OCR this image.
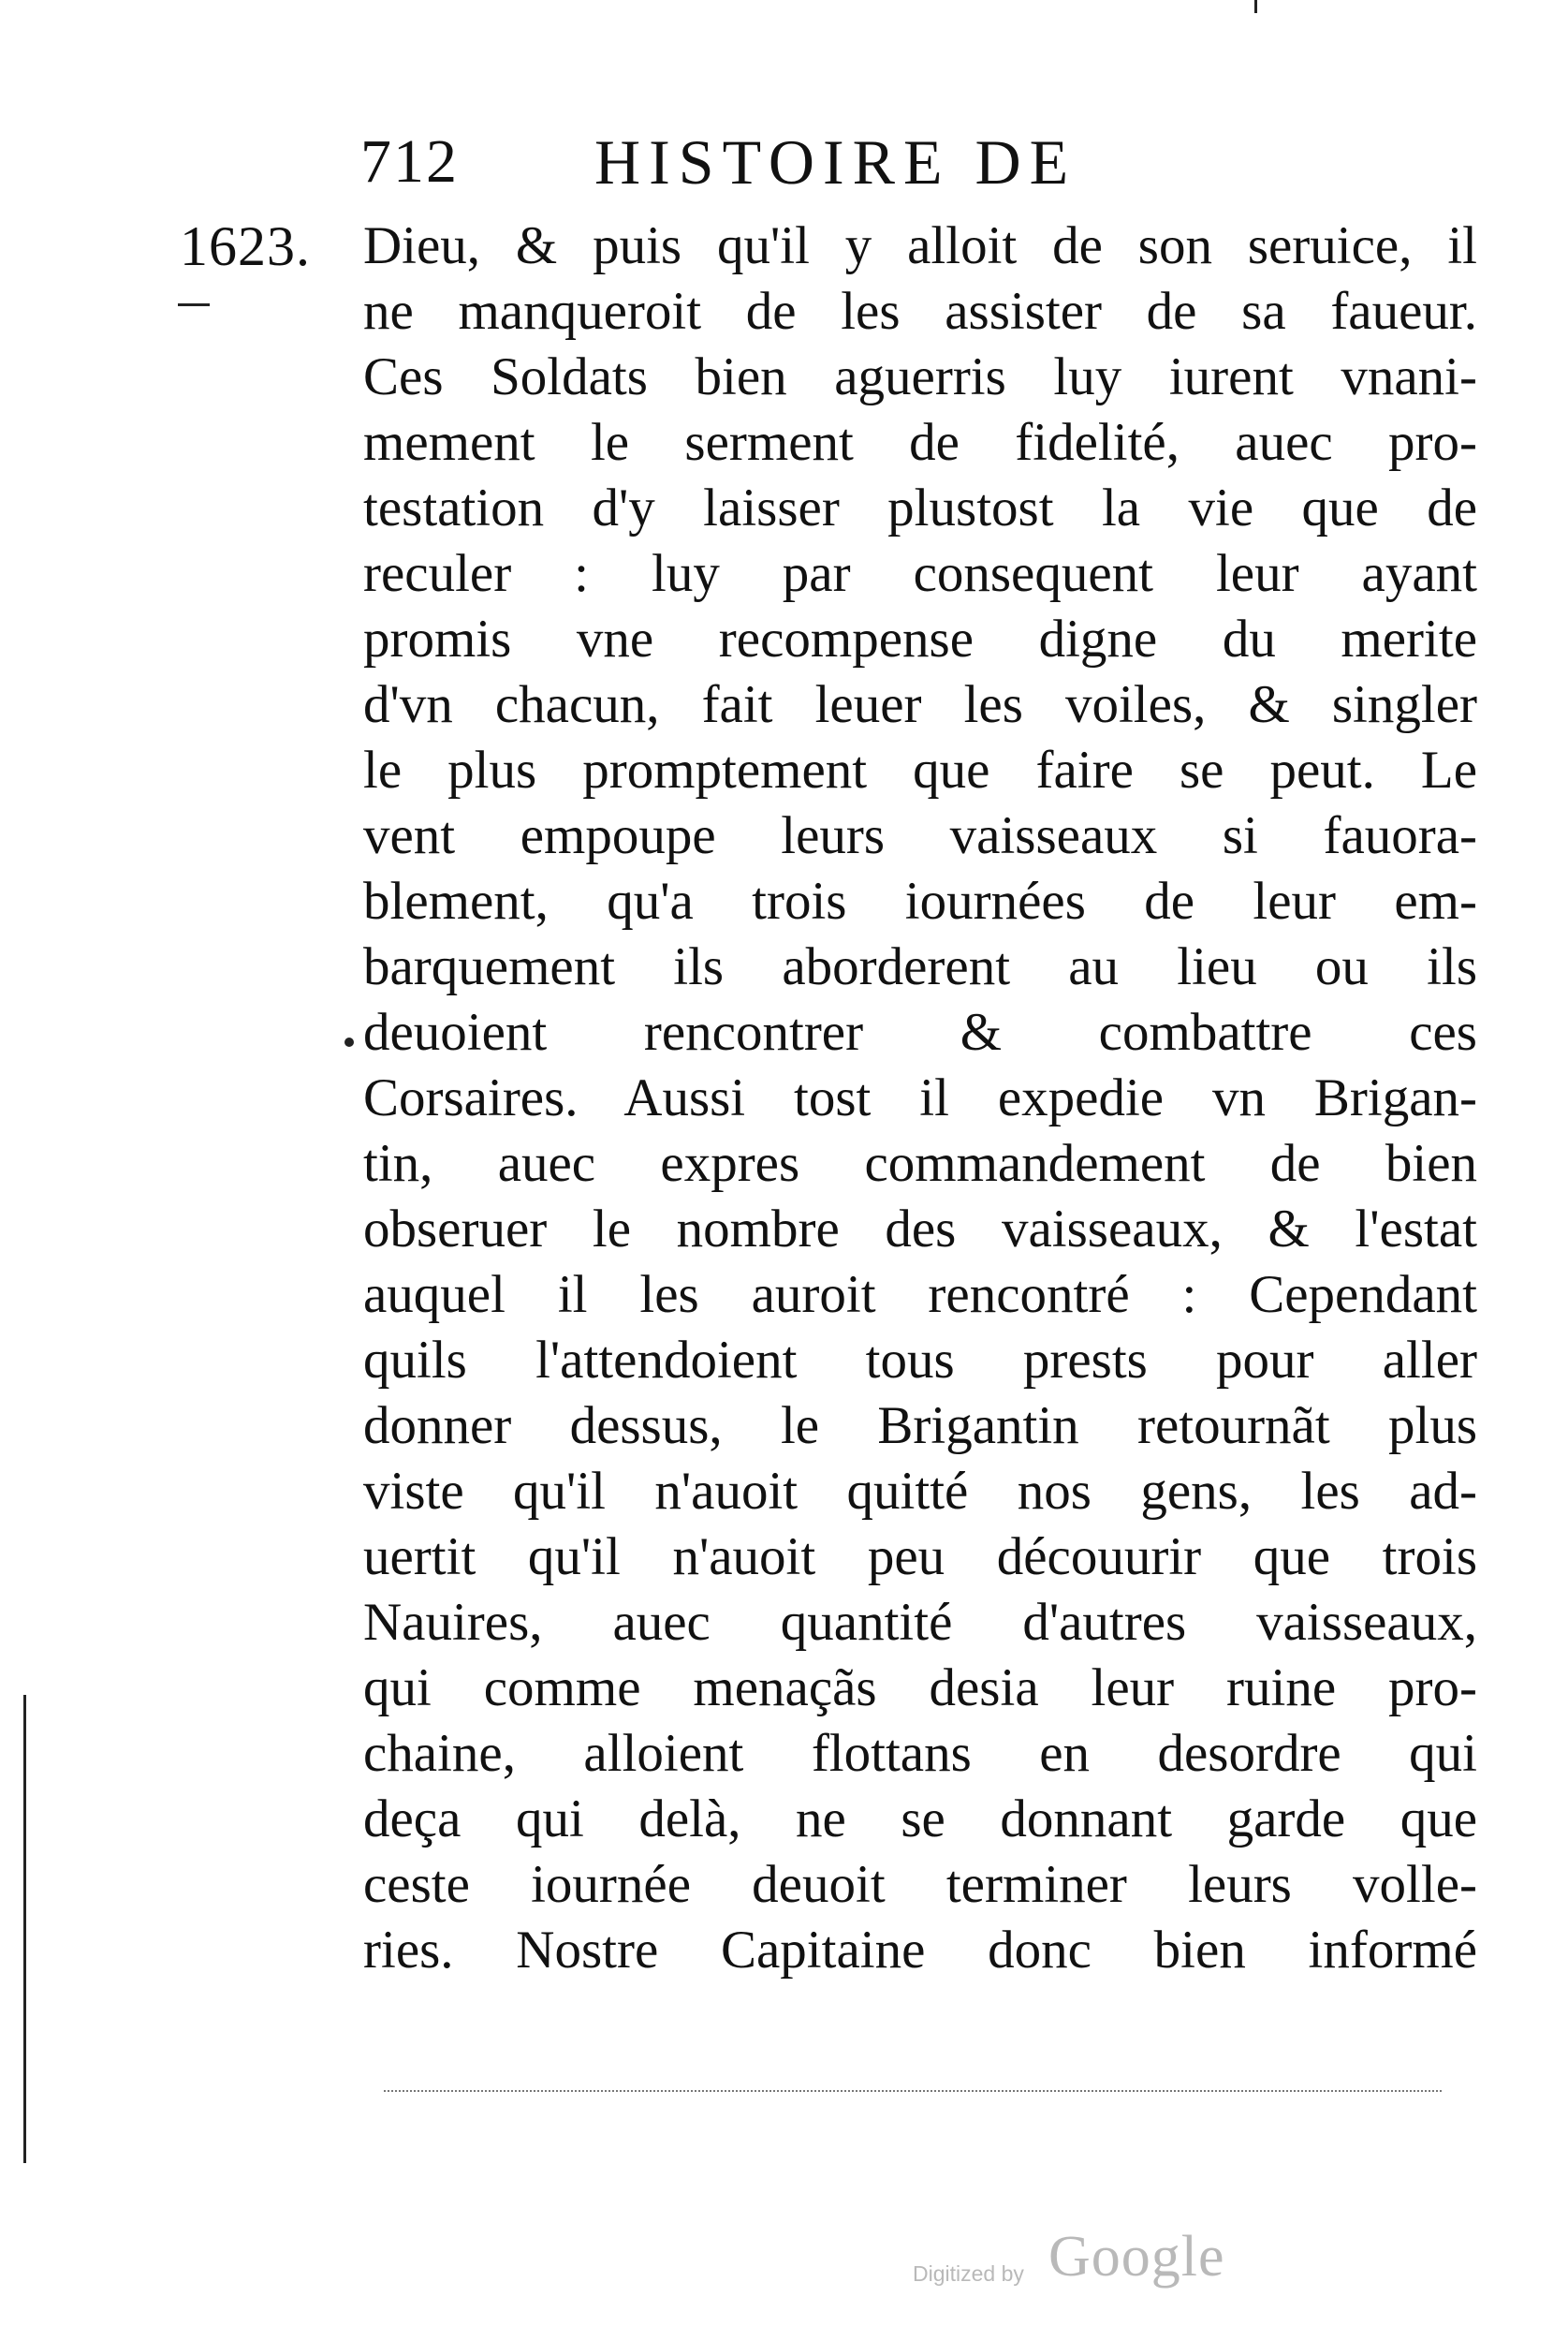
712 HISTOIRE DE
1623. Dieu, & puis qu'il y alloit de son seruice, il
ne manqueroit de les assister de sa faueur.
Ces Soldats bien aguerris luy iurent vnani-
mement le serment de fidelité, auec pro-
testation d'y laisser plustost la vie que de
reculer : luy par consequent leur ayant
promis vne recompense digne du merite
d'vn chacun, fait leuer les voiles, & singler
le plus promptement que faire se peut. Le
vent empoupe leurs vaisseaux si fauora-
blement, qu'a trois iournées de leur em-
barquement ils aborderent au lieu ou ils
deuoient rencontrer & combattre ces
Corsaires. Aussi tost il expedie vn Brigan-
tin, auec expres commandement de bien
obseruer le nombre des vaisseaux, & l'estat
auquel il les auroit rencontré : Cependant
quils l'attendoient tous prests pour aller
donner dessus, le Brigantin retournãt plus
viste qu'il n'auoit quitté nos gens, les ad-
uertit qu'il n'auoit peu découurir que trois
Nauires, auec quantité d'autres vaisseaux,
qui comme menaçãs desia leur ruine pro-
chaine, alloient flottans en desordre qui
deça qui delà, ne se donnant garde que
ceste iournée deuoit terminer leurs volle-
ries. Nostre Capitaine donc bien informé
Digitized by Google
